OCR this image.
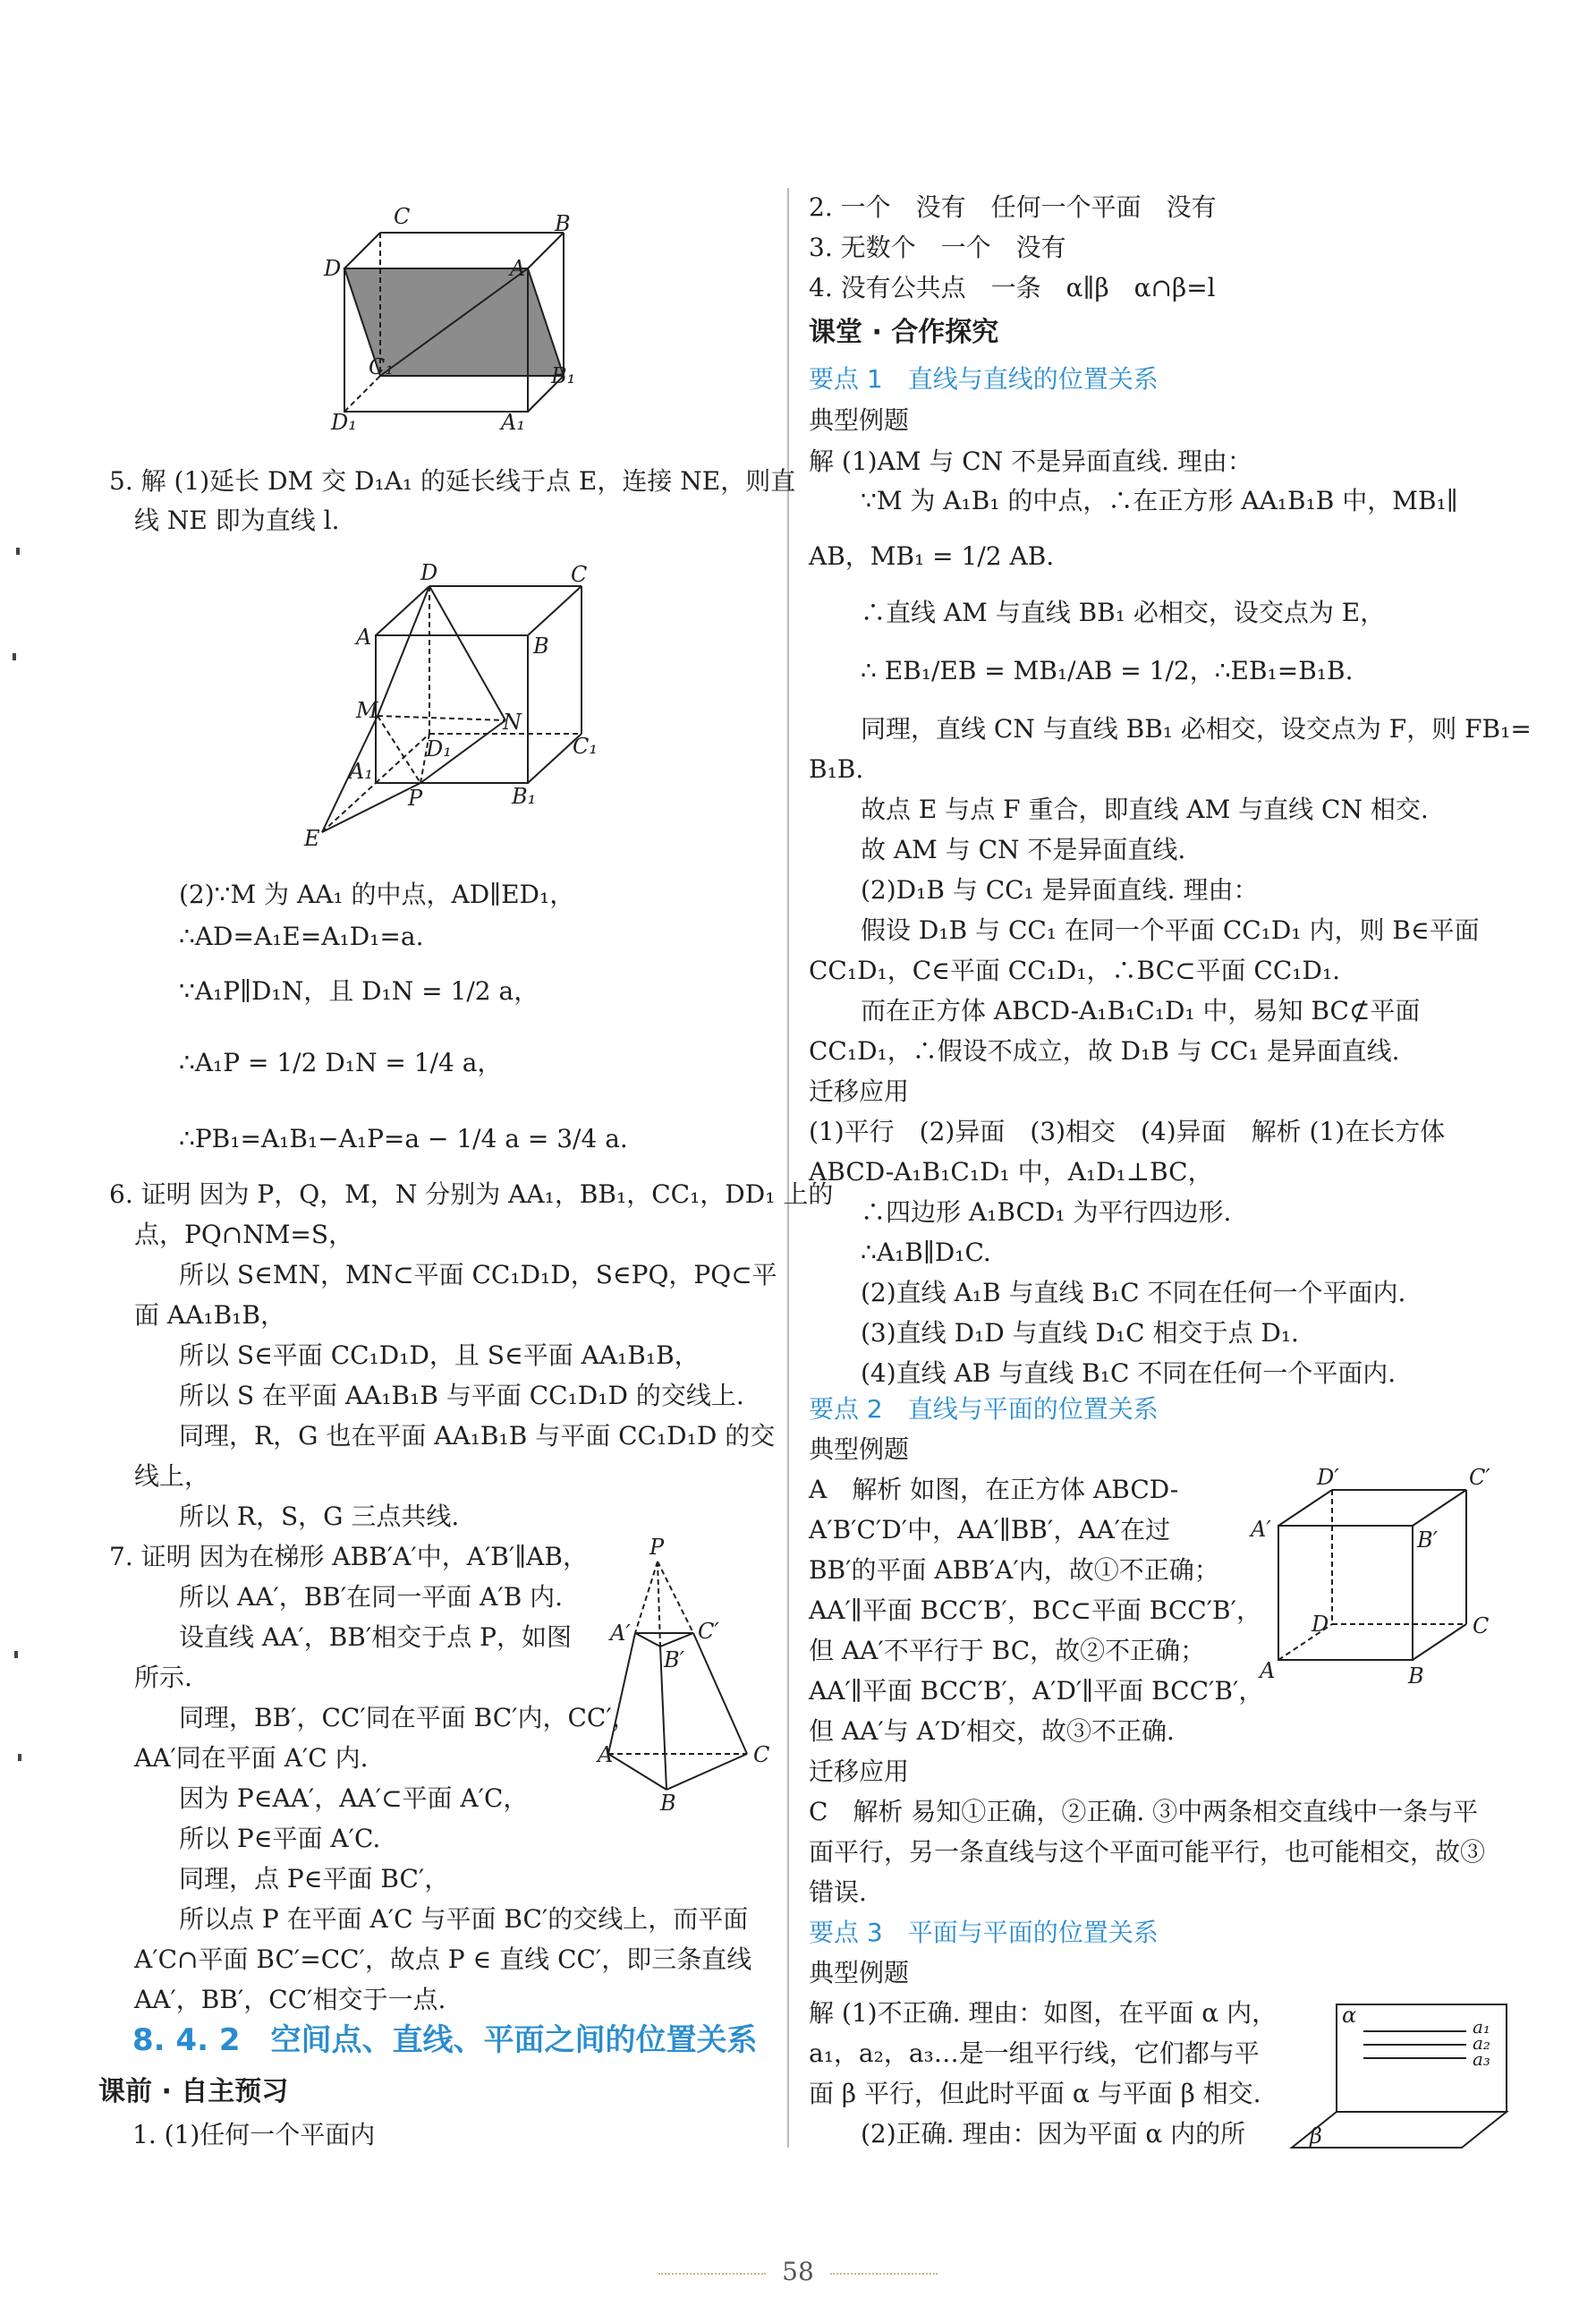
C	B
D	A
C₁	B₁
D₁	A₁
5. 解 (1)延长 DM 交 D₁A₁ 的延长线于点 E，连接 NE，则直
线 NE 即为直线 l.
D	C
A	B
M	N
C₁
D₁
A₁
P	B₁
E
(2)∵M 为 AA₁ 的中点，AD∥ED₁，
∴AD=A₁E=A₁D₁=a.
∵A₁P∥D₁N，且 D₁N = 1/2 a，
∴A₁P = 1/2 D₁N = 1/4 a，
∴PB₁=A₁B₁−A₁P=a − 1/4 a = 3/4 a.
6. 证明 因为 P，Q，M，N 分别为 AA₁，BB₁，CC₁，DD₁ 上的
点，PQ∩NM=S，
所以 S∈MN，MN⊂平面 CC₁D₁D，S∈PQ，PQ⊂平
面 AA₁B₁B，
所以 S∈平面 CC₁D₁D，且 S∈平面 AA₁B₁B，
所以 S 在平面 AA₁B₁B 与平面 CC₁D₁D 的交线上.
同理，R，G 也在平面 AA₁B₁B 与平面 CC₁D₁D 的交
线上，
所以 R，S，G 三点共线.
7. 证明 因为在梯形 ABB′A′中，A′B′∥AB，
所以 AA′，BB′在同一平面 A′B 内.
设直线 AA′，BB′相交于点 P，如图
所示.
同理，BB′，CC′同在平面 BC′内，CC′，
AA′同在平面 A′C 内.
因为 P∈AA′，AA′⊂平面 A′C，
所以 P∈平面 A′C.
同理，点 P∈平面 BC′，
所以点 P 在平面 A′C 与平面 BC′的交线上，而平面
A′C∩平面 BC′=CC′，故点 P ∈ 直线 CC′，即三条直线
AA′，BB′，CC′相交于一点.
P
A′	C′
B′
A	C
B
8. 4. 2　空间点、直线、平面之间的位置关系
课前 · 自主预习
1. (1)任何一个平面内
2. 一个　没有　任何一个平面　没有
3. 无数个　一个　没有
4. 没有公共点　一条　α∥β　α∩β=l
课堂 · 合作探究
要点 1　直线与直线的位置关系
典型例题
解 (1)AM 与 CN 不是异面直线. 理由：
∵M 为 A₁B₁ 的中点，∴在正方形 AA₁B₁B 中，MB₁∥
AB，MB₁ = 1/2 AB.
∴直线 AM 与直线 BB₁ 必相交，设交点为 E，
∴ EB₁/EB = MB₁/AB = 1/2，∴EB₁=B₁B.
同理，直线 CN 与直线 BB₁ 必相交，设交点为 F，则 FB₁=
B₁B.
故点 E 与点 F 重合，即直线 AM 与直线 CN 相交.
故 AM 与 CN 不是异面直线.
(2)D₁B 与 CC₁ 是异面直线. 理由：
假设 D₁B 与 CC₁ 在同一个平面 CC₁D₁ 内，则 B∈平面
CC₁D₁，C∈平面 CC₁D₁，∴BC⊂平面 CC₁D₁.
而在正方体 ABCD-A₁B₁C₁D₁ 中，易知 BC⊄平面
CC₁D₁，∴假设不成立，故 D₁B 与 CC₁ 是异面直线.
迁移应用
(1)平行　(2)异面　(3)相交　(4)异面　解析 (1)在长方体
ABCD-A₁B₁C₁D₁ 中，A₁D₁⊥BC，
∴四边形 A₁BCD₁ 为平行四边形.
∴A₁B∥D₁C.
(2)直线 A₁B 与直线 B₁C 不同在任何一个平面内.
(3)直线 D₁D 与直线 D₁C 相交于点 D₁.
(4)直线 AB 与直线 B₁C 不同在任何一个平面内.
要点 2　直线与平面的位置关系
典型例题
A　解析 如图，在正方体 ABCD-
A′B′C′D′中，AA′∥BB′，AA′在过
BB′的平面 ABB′A′内，故①不正确；
AA′∥平面 BCC′B′，BC⊂平面 BCC′B′，
但 AA′不平行于 BC，故②不正确；
AA′∥平面 BCC′B′，A′D′∥平面 BCC′B′，
但 AA′与 A′D′相交，故③不正确.
迁移应用
C　解析 易知①正确，②正确. ③中两条相交直线中一条与平
面平行，另一条直线与这个平面可能平行，也可能相交，故③
错误.
要点 3　平面与平面的位置关系
典型例题
解 (1)不正确. 理由：如图，在平面 α 内，
a₁，a₂，a₃…是一组平行线，它们都与平
面 β 平行，但此时平面 α 与平面 β 相交.
(2)正确. 理由：因为平面 α 内的所
D′	C′
A′	B′
D	C
A	B
α	a₁
a₂
a₃
β
58
